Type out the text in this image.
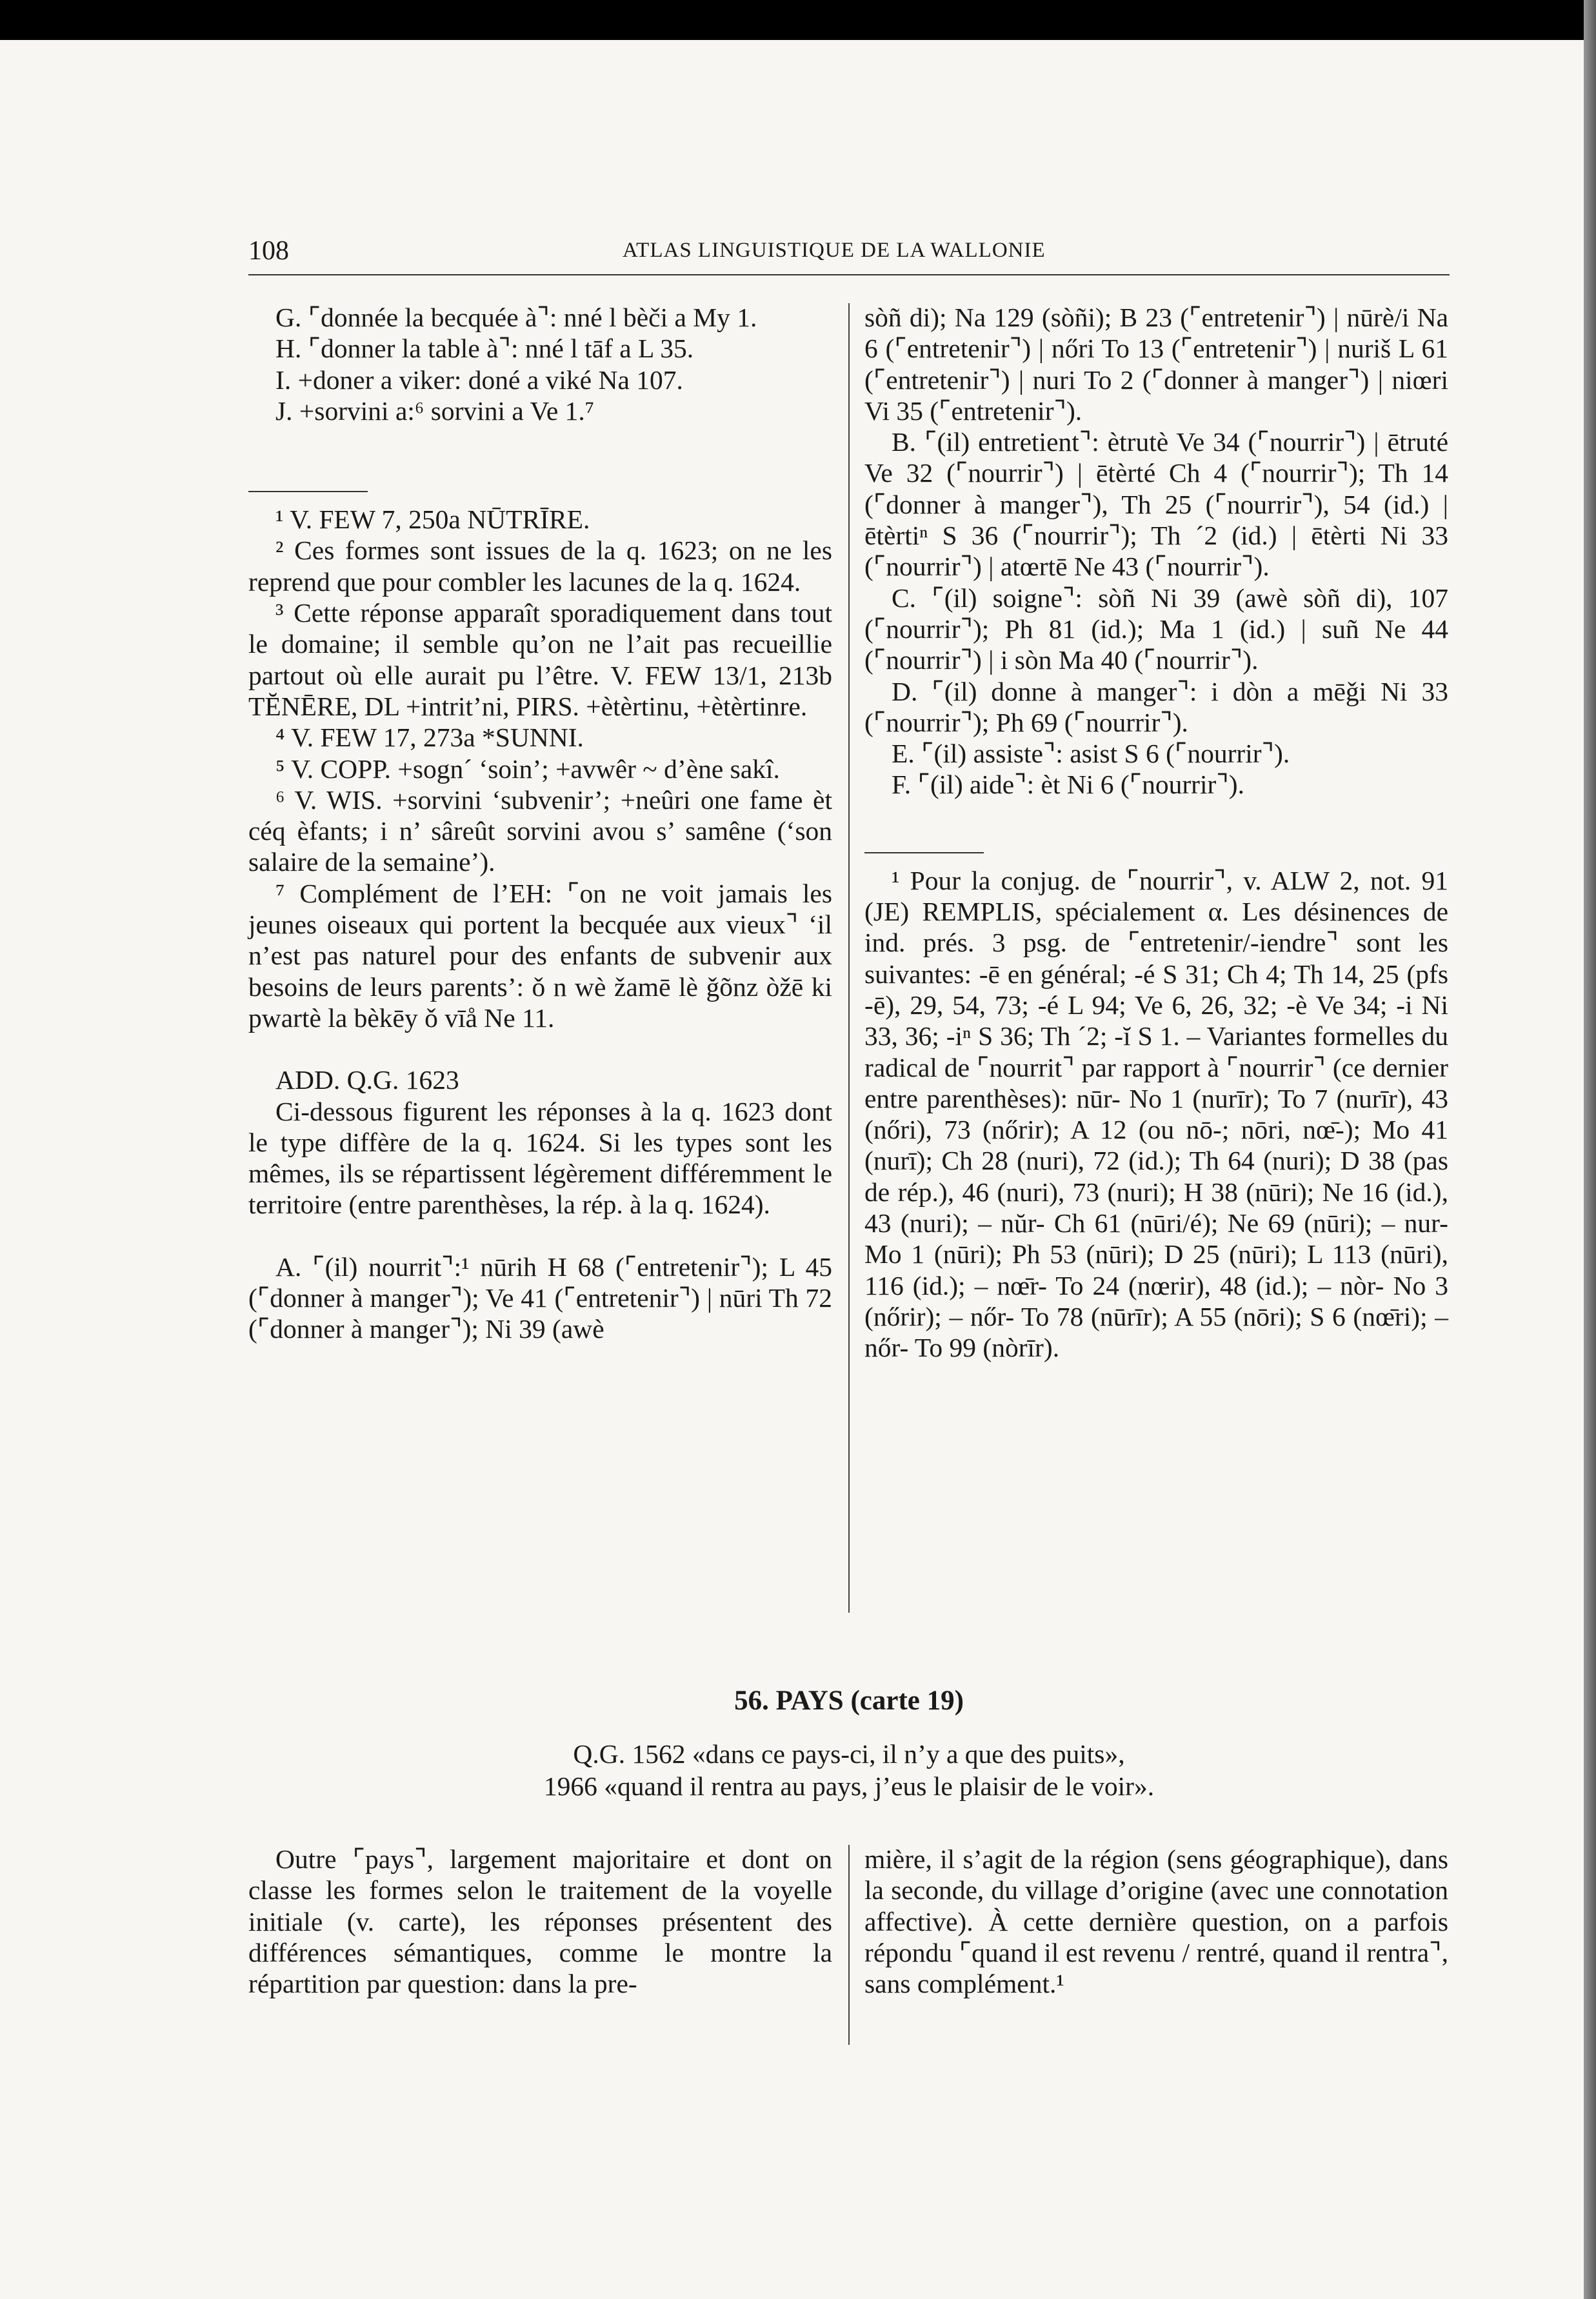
108	ATLAS LINGUISTIQUE DE LA WALLONIE

G. ⌜donnée la becquée à⌝: nné l bèči a My 1.

H. ⌜donner la table à⌝: nné l tāf a L 35.

I. +doner a viker: doné a viké Na 107.

J. +sorvini a:⁶ sorvini a Ve 1.⁷

¹ V. FEW 7, 250a NŪTRĪRE.

² Ces formes sont issues de la q. 1623; on ne les reprend que pour combler les lacunes de la q. 1624.

³ Cette réponse apparaît sporadiquement dans tout le domaine; il semble qu’on ne l’ait pas recueillie partout où elle aurait pu l’être. V. FEW 13/1, 213b TĔNĒRE, DL +intrit’ni, PIRS. +ètèrtinu, +ètèrtinre.

⁴ V. FEW 17, 273a *SUNNI.

⁵ V. COPP. +sogn´ ‘soin’; +avwêr ~ d’ène sakî.

⁶ V. WIS. +sorvini ‘subvenir’; +neûri one fame èt céq èfants; i n’ sâreût sorvini avou s’ samêne (‘son salaire de la semaine’).

⁷ Complément de l’EH: ⌜on ne voit jamais les jeunes oiseaux qui portent la becquée aux vieux⌝ ‘il n’est pas naturel pour des enfants de subvenir aux besoins de leurs parents’: ǒ n wè žamē lè ǧõnz òžē ki pwartè la bèkēy ǒ vīå Ne 11.

ADD. Q.G. 1623

Ci-dessous figurent les réponses à la q. 1623 dont le type diffère de la q. 1624. Si les types sont les mêmes, ils se répartissent légèrement différemment le territoire (entre parenthèses, la rép. à la q. 1624).

A. ⌜(il) nourrit⌝:¹ nūrih H 68 (⌜entretenir⌝); L 45 (⌜donner à manger⌝); Ve 41 (⌜entretenir⌝) | nūri Th 72 (⌜donner à manger⌝); Ni 39 (awè

sòñ di); Na 129 (sòñi); B 23 (⌜entretenir⌝) | nūrè/i Na 6 (⌜entretenir⌝) | nőri To 13 (⌜entretenir⌝) | nuriš L 61 (⌜entretenir⌝) | nuri To 2 (⌜donner à manger⌝) | niœri Vi 35 (⌜entretenir⌝).

B. ⌜(il) entretient⌝: ètrutè Ve 34 (⌜nourrir⌝) | ētruté Ve 32 (⌜nourrir⌝) | ētèrté Ch 4 (⌜nourrir⌝); Th 14 (⌜donner à manger⌝), Th 25 (⌜nourrir⌝), 54 (id.) | ētèrtiⁿ S 36 (⌜nourrir⌝); Th ´2 (id.) | ētèrti Ni 33 (⌜nourrir⌝) | atœrtē Ne 43 (⌜nourrir⌝).

C. ⌜(il) soigne⌝: sòñ Ni 39 (awè sòñ di), 107 (⌜nourrir⌝); Ph 81 (id.); Ma 1 (id.) | suñ Ne 44 (⌜nourrir⌝) | i sòn Ma 40 (⌜nourrir⌝).

D. ⌜(il) donne à manger⌝: i dòn a mēǧi Ni 33 (⌜nourrir⌝); Ph 69 (⌜nourrir⌝).

E. ⌜(il) assiste⌝: asist S 6 (⌜nourrir⌝).

F. ⌜(il) aide⌝: èt Ni 6 (⌜nourrir⌝).

¹ Pour la conjug. de ⌜nourrir⌝, v. ALW 2, not. 91 (JE) REMPLIS, spécialement α. Les désinences de ind. prés. 3 psg. de ⌜entretenir/-iendre⌝ sont les suivantes: -ē en général; -é S 31; Ch 4; Th 14, 25 (pfs -ē), 29, 54, 73; -é L 94; Ve 6, 26, 32; -è Ve 34; -i Ni 33, 36; -iⁿ S 36; Th ´2; -ĭ S 1. – Variantes formelles du radical de ⌜nourrit⌝ par rapport à ⌜nourrir⌝ (ce dernier entre parenthèses): nūr- No 1 (nurīr); To 7 (nurīr), 43 (nőri), 73 (nőrir); A 12 (ou nō-; nōri, nœ̄-); Mo 41 (nurī); Ch 28 (nuri), 72 (id.); Th 64 (nuri); D 38 (pas de rép.), 46 (nuri), 73 (nuri); H 38 (nūri); Ne 16 (id.), 43 (nuri); – nŭr- Ch 61 (nūri/é); Ne 69 (nūri); – nur- Mo 1 (nūri); Ph 53 (nūri); D 25 (nūri); L 113 (nūri), 116 (id.); – nœ̄r- To 24 (nœrir), 48 (id.); – nòr- No 3 (nőrir); – nőr- To 78 (nūrīr); A 55 (nōri); S 6 (nœ̄ri); – nőr- To 99 (nòrīr).

56. PAYS (carte 19)
Q.G. 1562 «dans ce pays-ci, il n’y a que des puits»,
1966 «quand il rentra au pays, j’eus le plaisir de le voir».

Outre ⌜pays⌝, largement majoritaire et dont on classe les formes selon le traitement de la voyelle initiale (v. carte), les réponses présentent des différences sémantiques, comme le montre la répartition par question: dans la pre-

mière, il s’agit de la région (sens géographique), dans la seconde, du village d’origine (avec une connotation affective). À cette dernière question, on a parfois répondu ⌜quand il est revenu / rentré, quand il rentra⌝, sans complément.¹
